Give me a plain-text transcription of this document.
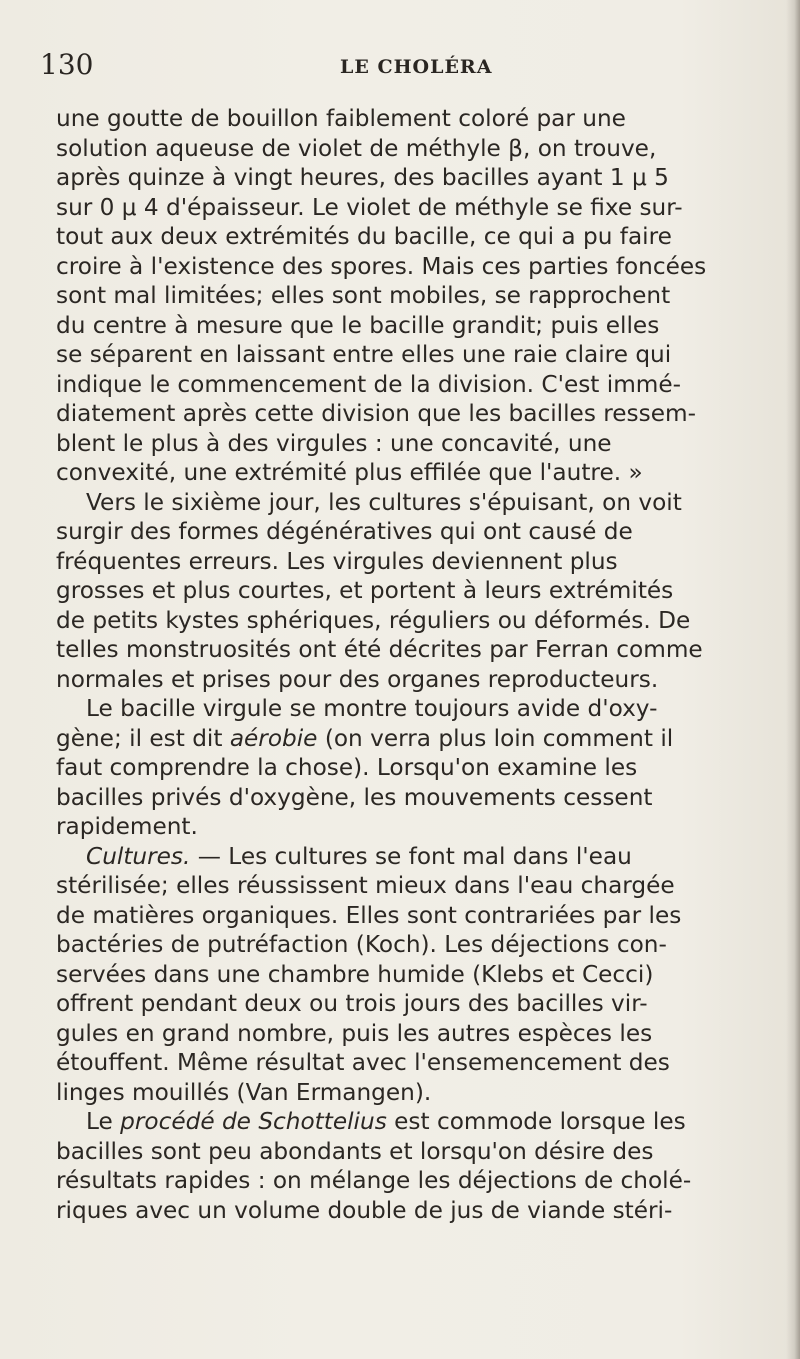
130	LE CHOLÉRA
une goutte de bouillon faiblement coloré par une
solution aqueuse de violet de méthyle β, on trouve,
après quinze à vingt heures, des bacilles ayant 1 μ 5
sur 0 μ 4 d'épaisseur. Le violet de méthyle se fixe sur-
tout aux deux extrémités du bacille, ce qui a pu faire
croire à l'existence des spores. Mais ces parties foncées
sont mal limitées; elles sont mobiles, se rapprochent
du centre à mesure que le bacille grandit; puis elles
se séparent en laissant entre elles une raie claire qui
indique le commencement de la division. C'est immé-
diatement après cette division que les bacilles ressem-
blent le plus à des virgules : une concavité, une
convexité, une extrémité plus effilée que l'autre. »
Vers le sixième jour, les cultures s'épuisant, on voit
surgir des formes dégénératives qui ont causé de
fréquentes erreurs. Les virgules deviennent plus
grosses et plus courtes, et portent à leurs extrémités
de petits kystes sphériques, réguliers ou déformés. De
telles monstruosités ont été décrites par Ferran comme
normales et prises pour des organes reproducteurs.
Le bacille virgule se montre toujours avide d'oxy-
gène; il est dit aérobie (on verra plus loin comment il
faut comprendre la chose). Lorsqu'on examine les
bacilles privés d'oxygène, les mouvements cessent
rapidement.
Cultures. — Les cultures se font mal dans l'eau
stérilisée; elles réussissent mieux dans l'eau chargée
de matières organiques. Elles sont contrariées par les
bactéries de putréfaction (Koch). Les déjections con-
servées dans une chambre humide (Klebs et Cecci)
offrent pendant deux ou trois jours des bacilles vir-
gules en grand nombre, puis les autres espèces les
étouffent. Même résultat avec l'ensemencement des
linges mouillés (Van Ermangen).
Le procédé de Schottelius est commode lorsque les
bacilles sont peu abondants et lorsqu'on désire des
résultats rapides : on mélange les déjections de cholé-
riques avec un volume double de jus de viande stéri-
